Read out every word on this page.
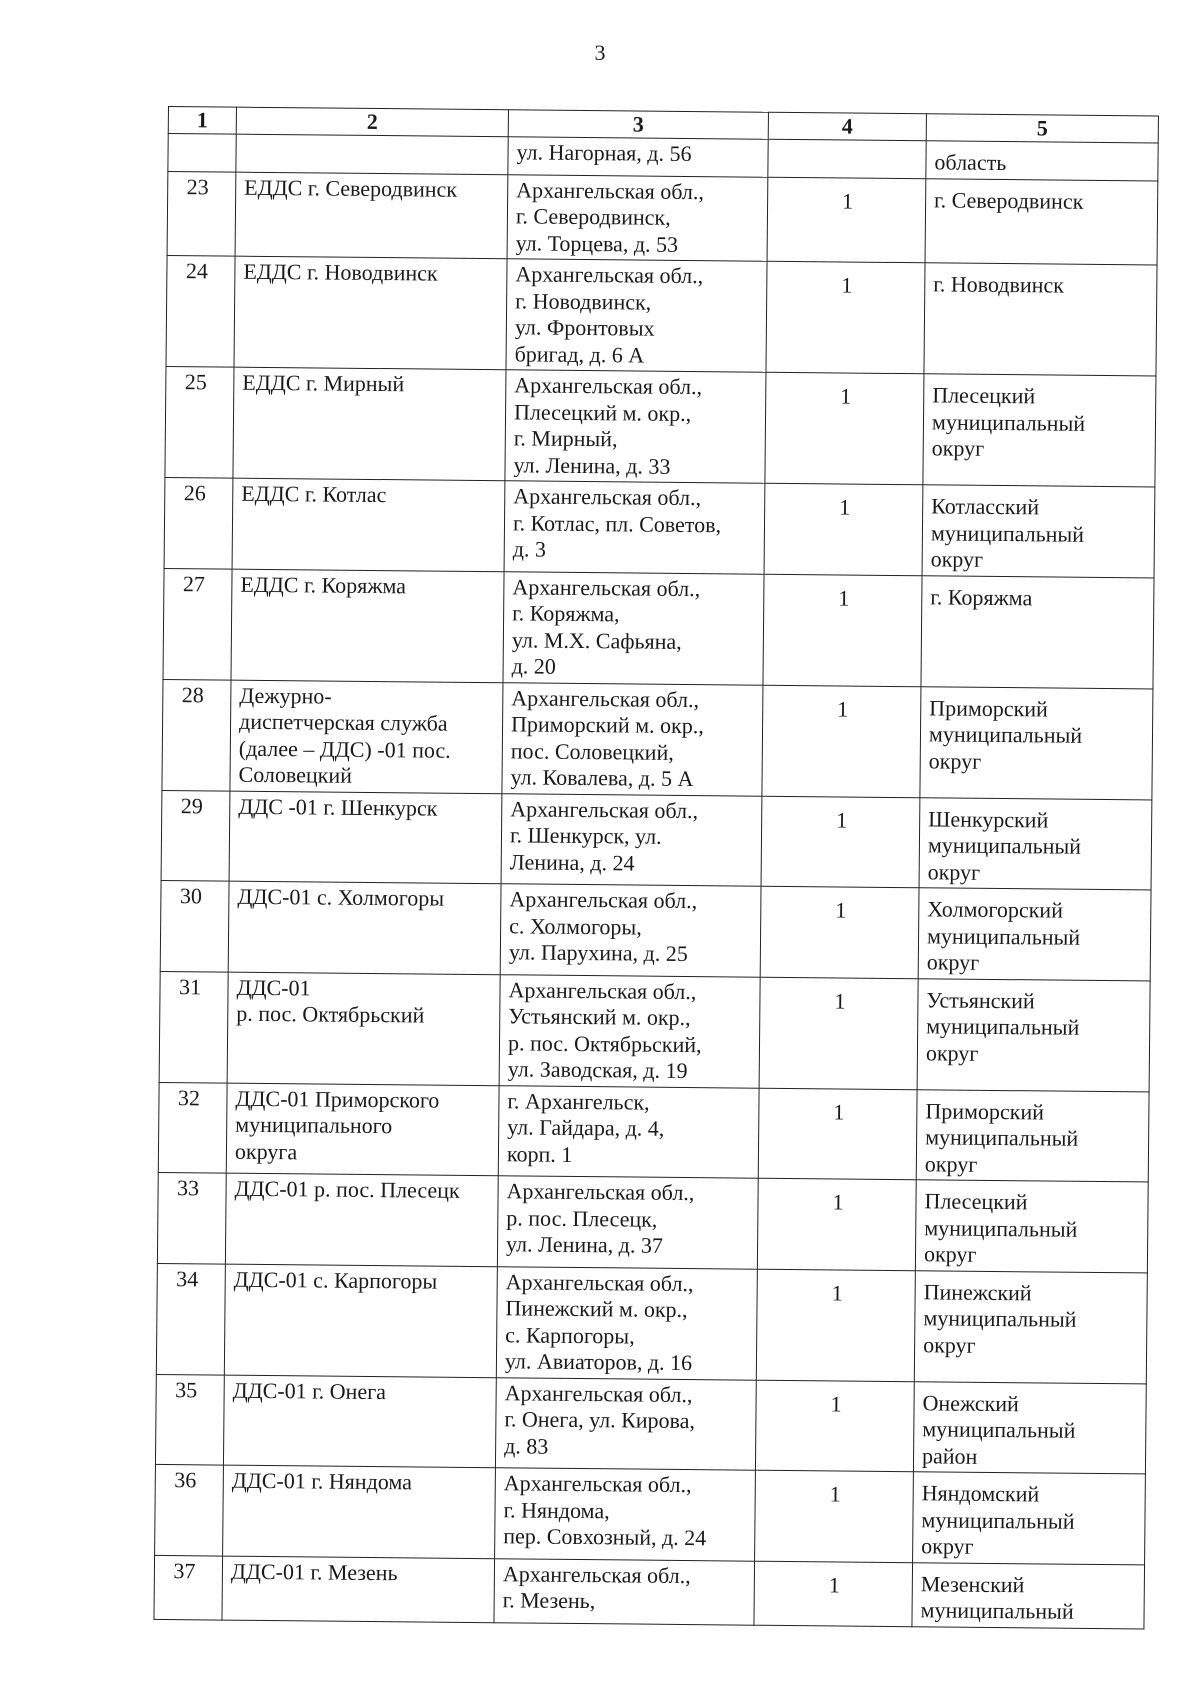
3
1	2	3	4	5
		ул. Нагорная, д. 56		область
23	ЕДДС г. Северодвинск	Архангельская обл.,
г. Северодвинск,
ул. Торцева, д. 53	1	г. Северодвинск
24	ЕДДС г. Новодвинск	Архангельская обл.,
г. Новодвинск,
ул. Фронтовых
бригад, д. 6 А	1	г. Новодвинск
25	ЕДДС г. Мирный	Архангельская обл.,
Плесецкий м. окр.,
г. Мирный,
ул. Ленина, д. 33	1	Плесецкий
муниципальный
округ
26	ЕДДС г. Котлас	Архангельская обл.,
г. Котлас, пл. Советов,
д. 3	1	Котласский
муниципальный
округ
27	ЕДДС г. Коряжма	Архангельская обл.,
г. Коряжма,
ул. М.Х. Сафьяна,
д. 20	1	г. Коряжма
28	Дежурно-
диспетчерская служба
(далее – ДДС) -01 пос.
Соловецкий	Архангельская обл.,
Приморский м. окр.,
пос. Соловецкий,
ул. Ковалева, д. 5 А	1	Приморский
муниципальный
округ
29	ДДС -01 г. Шенкурск	Архангельская обл.,
г. Шенкурск, ул.
Ленина, д. 24	1	Шенкурский
муниципальный
округ
30	ДДС-01 с. Холмогоры	Архангельская обл.,
с. Холмогоры,
ул. Парухина, д. 25	1	Холмогорский
муниципальный
округ
31	ДДС-01
р. пос. Октябрьский	Архангельская обл.,
Устьянский м. окр.,
р. пос. Октябрьский,
ул. Заводская, д. 19	1	Устьянский
муниципальный
округ
32	ДДС-01 Приморского
муниципального
округа	г. Архангельск,
ул. Гайдара, д. 4,
корп. 1	1	Приморский
муниципальный
округ
33	ДДС-01 р. пос. Плесецк	Архангельская обл.,
р. пос. Плесецк,
ул. Ленина, д. 37	1	Плесецкий
муниципальный
округ
34	ДДС-01 с. Карпогоры	Архангельская обл.,
Пинежский м. окр.,
с. Карпогоры,
ул. Авиаторов, д. 16	1	Пинежский
муниципальный
округ
35	ДДС-01 г. Онега	Архангельская обл.,
г. Онега, ул. Кирова,
д. 83	1	Онежский
муниципальный
район
36	ДДС-01 г. Няндома	Архангельская обл.,
г. Няндома,
пер. Совхозный, д. 24	1	Няндомский
муниципальный
округ
37	ДДС-01 г. Мезень	Архангельская обл.,
г. Мезень,	1	Мезенский
муниципальный
